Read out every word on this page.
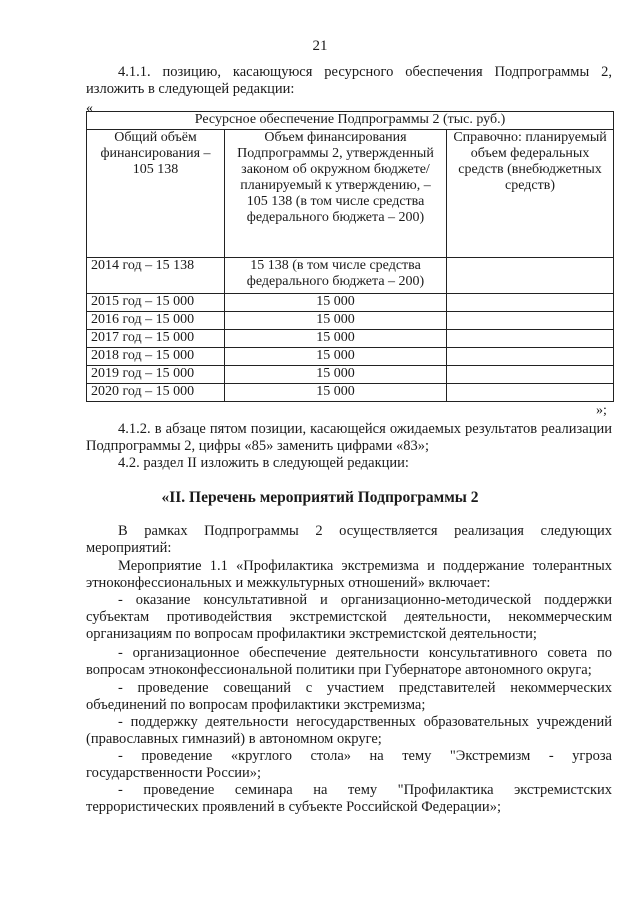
21
4.1.1. позицию, касающуюся ресурсного обеспечения Подпрограммы 2, изложить в следующей редакции:
«
Ресурсное обеспечение Подпрограммы 2 (тыс. руб.)		
Общий объём финансирования – 105 138	Объем финансирования Подпрограммы 2, утвержденный законом об окружном бюджете/планируемый к утверждению, – 105 138 (в том числе средства федерального бюджета – 200)	Справочно: планируемый объем федеральных средств (внебюджетных средств)
2014 год – 15 138	15 138 (в том числе средства федерального бюджета – 200)	
2015 год – 15 000	15 000	
2016 год – 15 000	15 000	
2017 год – 15 000	15 000	
2018 год – 15 000	15 000	
2019 год – 15 000	15 000	
2020 год – 15 000	15 000	
»;
4.1.2. в абзаце пятом позиции, касающейся ожидаемых результатов реализации Подпрограммы 2, цифры «85» заменить цифрами «83»;
4.2. раздел II изложить в следующей редакции:
«II. Перечень мероприятий Подпрограммы 2
В рамках Подпрограммы 2 осуществляется реализация следующих мероприятий:
Мероприятие 1.1 «Профилактика экстремизма и поддержание толерантных этноконфессиональных и межкультурных отношений» включает:
- оказание консультативной и организационно-методической поддержки субъектам противодействия экстремистской деятельности, некоммерческим организациям по вопросам профилактики экстремистской деятельности;
- организационное обеспечение деятельности консультативного совета по вопросам этноконфессиональной политики при Губернаторе автономного округа;
- проведение совещаний с участием представителей некоммерческих объединений по вопросам профилактики экстремизма;
- поддержку деятельности негосударственных образовательных учреждений (православных гимназий) в автономном округе;
- проведение «круглого стола» на тему "Экстремизм - угроза государственности России»;
- проведение семинара на тему "Профилактика экстремистских террористических проявлений в субъекте Российской Федерации»;
